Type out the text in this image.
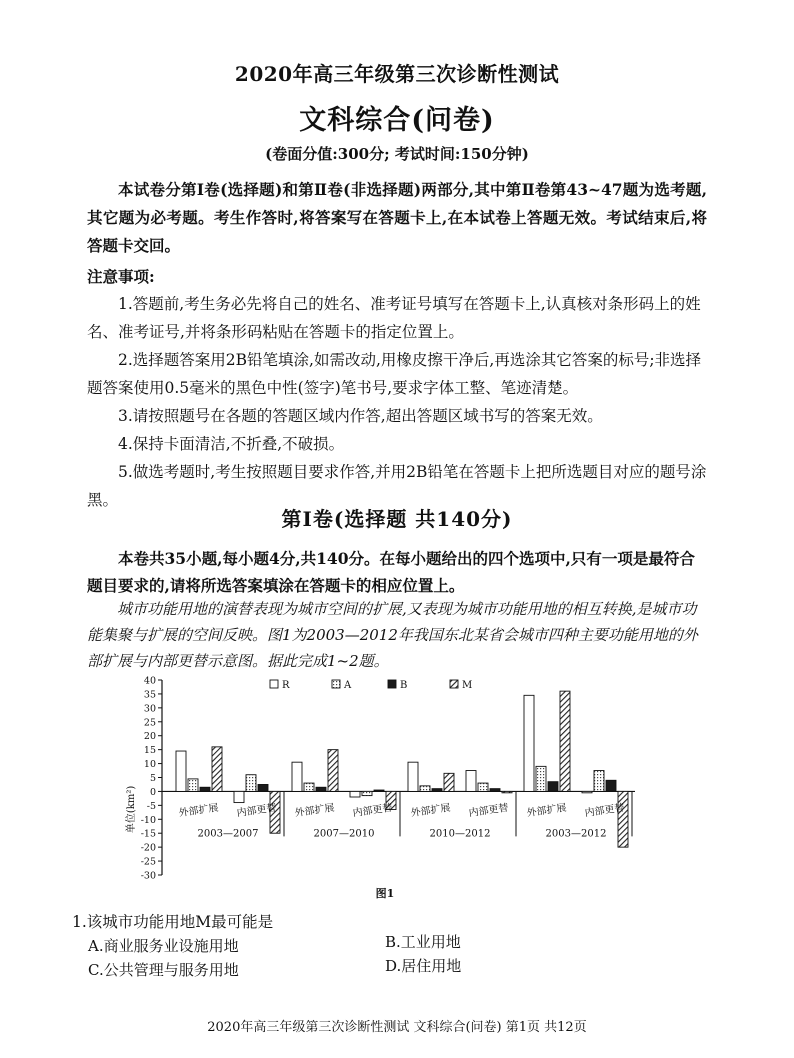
2020年高三年级第三次诊断性测试
文科综合(问卷)
(卷面分值:300分; 考试时间:150分钟)

本试卷分第Ⅰ卷(选择题)和第Ⅱ卷(非选择题)两部分,其中第Ⅱ卷第43~47题为选考题,其它题为必考题。考生作答时,将答案写在答题卡上,在本试卷上答题无效。考试结束后,将答题卡交回。

注意事项:

1.答题前,考生务必先将自己的姓名、准考证号填写在答题卡上,认真核对条形码上的姓名、准考证号,并将条形码粘贴在答题卡的指定位置上。

2.选择题答案用2B铅笔填涂,如需改动,用橡皮擦干净后,再选涂其它答案的标号;非选择题答案使用0.5毫米的黑色中性(签字)笔书号,要求字体工整、笔迹清楚。

3.请按照题号在各题的答题区域内作答,超出答题区域书写的答案无效。

4.保持卡面清洁,不折叠,不破损。

5.做选考题时,考生按照题目要求作答,并用2B铅笔在答题卡上把所选题目对应的题号涂黑。

第Ⅰ卷(选择题 共140分)

本卷共35小题,每小题4分,共140分。在每小题给出的四个选项中,只有一项是最符合题目要求的,请将所选答案填涂在答题卡的相应位置上。

城市功能用地的演替表现为城市空间的扩展,又表现为城市功能用地的相互转换,是城市功能集聚与扩展的空间反映。图1为2003—2012年我国东北某省会城市四种主要功能用地的外部扩展与内部更替示意图。据此完成1~2题。

40
35
30
25
20
15
10
5
0
-5
-10
-15
-20
-25
-30
单位(km²)	外部扩展 内部更替 外部扩展 内部更替 外部扩展 内部更替 外部扩展 内部更替
2003—2007	2007—2010	2010—2012	2003—2012
R	A	B	M
图1
1.该城市功能用地M最可能是
A.商业服务业设施用地	B.工业用地
C.公共管理与服务用地	D.居住用地
2020年高三年级第三次诊断性测试 文科综合(问卷) 第1页 共12页
